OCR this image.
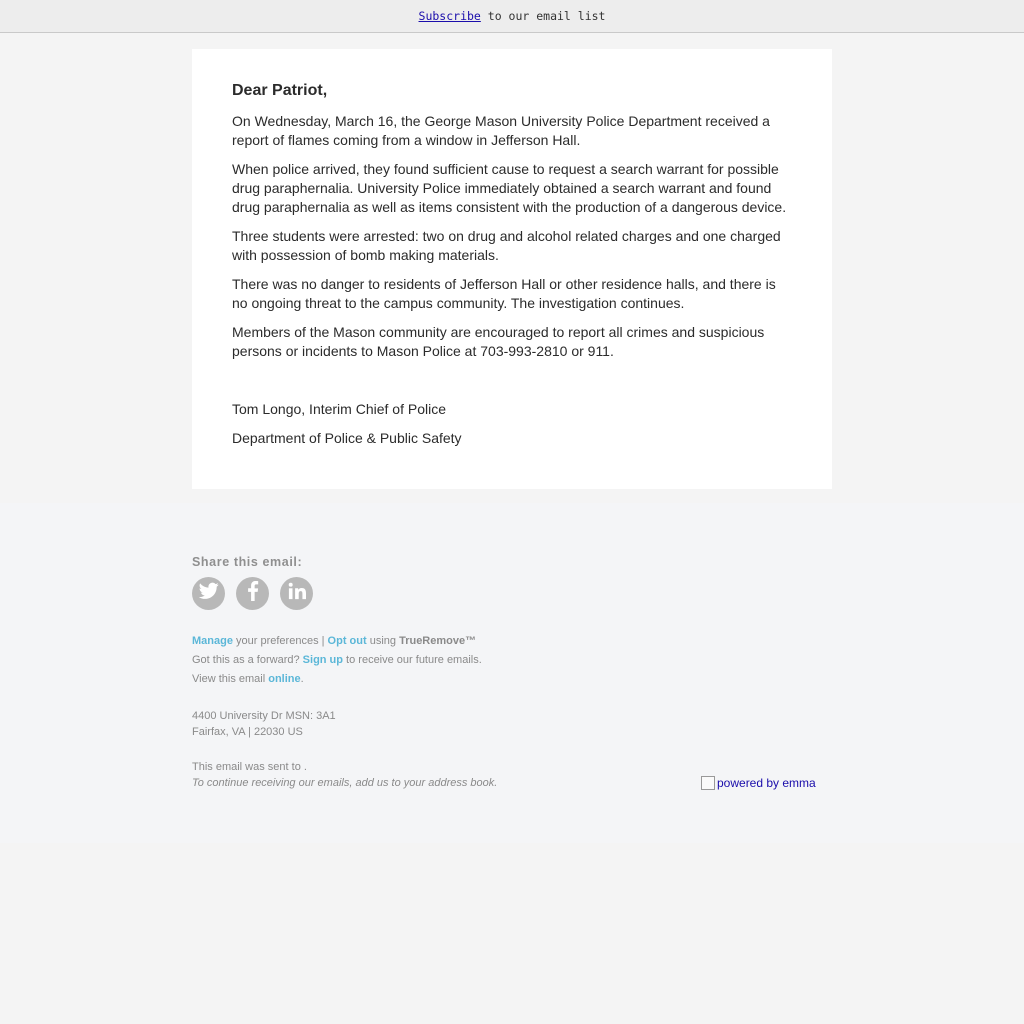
Subscribe to our email list
Dear Patriot,

On Wednesday, March 16, the George Mason University Police Department received a report of flames coming from a window in Jefferson Hall.

When police arrived, they found sufficient cause to request a search warrant for possible drug paraphernalia. University Police immediately obtained a search warrant and found drug paraphernalia as well as items consistent with the production of a dangerous device.

Three students were arrested: two on drug and alcohol related charges and one charged with possession of bomb making materials.

There was no danger to residents of Jefferson Hall or other residence halls, and there is no ongoing threat to the campus community. The investigation continues.

Members of the Mason community are encouraged to report all crimes and suspicious persons or incidents to Mason Police at 703-993-2810 or 911.

Tom Longo, Interim Chief of Police

Department of Police & Public Safety

Share this email:
Manage your preferences | Opt out using TrueRemove™
Got this as a forward? Sign up to receive our future emails.
View this email online.
4400 University Dr MSN: 3A1
Fairfax, VA | 22030 US
This email was sent to .
To continue receiving our emails, add us to your address book.	powered by emma
